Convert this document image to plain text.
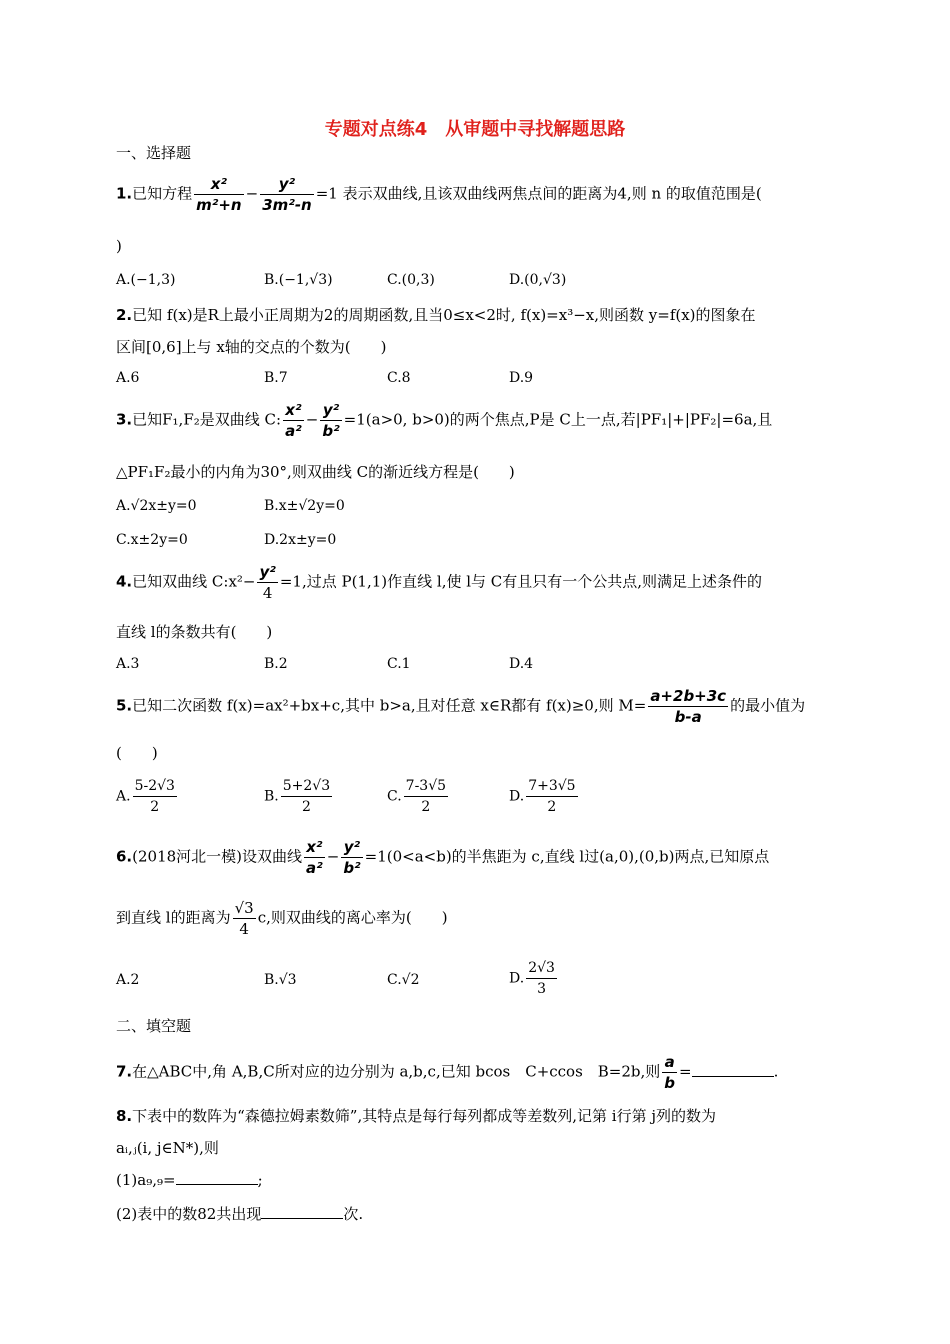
专题对点练4　从审题中寻找解题思路
一、选择题
1.已知方程 $\frac{\text{x²}}{\text{m²+n}} - \frac{\text{y²}}{\text{3m²-n}} =1$ 表示双曲线,且该双曲线两焦点间的距离为4,则 n 的取值范围是(
)
A.(−1,3)	B.(−1,√3)	C.(0,3)	D.(0,√3)
2.已知 f(x)是R上最小正周期为2的周期函数,且当0≤x<2时, f(x)=x³−x,则函数 y=f(x)的图象在
区间[0,6]上与 x轴的交点的个数为(　　)
A.6	B.7	C.8	D.9
3.已知F₁,F₂是双曲线 C: $\frac{\text{x²}}{\text{a²}} - \frac{\text{y²}}{\text{b²}} =1(a>0$, b>0)的两个焦点,P是 C上一点,若|PF₁|+|PF₂|=6a,且
△PF₁F₂最小的内角为30°,则双曲线 C的渐近线方程是(　　)
A.√2x±y=0	B.x±√2y=0
C.x±2y=0	D.2x±y=0
4.已知双曲线 C:x²− $\frac{\text{y²}}{4} =1$,过点 P(1,1)作直线 l,使 l与 C有且只有一个公共点,则满足上述条件的
直线 l的条数共有(　　)
A.3	B.2	C.1	D.4
5.已知二次函数 f(x)=ax²+bx+c,其中 b>a,且对任意 x∈R都有 f(x)≥0,则 $M= \frac{a+2b+3c}{b-a}$ 的最小值为
(　　)
A. $\frac{5-2√3}{2}$	B. $\frac{5+2√3}{2}$	C. $\frac{7-3√5}{2}$	D. $\frac{7+3√5}{2}$
6.(2018河北一模)设双曲线 $\frac{\text{x²}}{\text{a²}} - \frac{\text{y²}}{\text{b²}} =1(0<a<b)$的半焦距为 c,直线 l过(a,0),(0,b)两点,已知原点
到直线 l的距离为 $\frac{√3}{4} c$,则双曲线的离心率为(　　)
A.2	B.√3	C.√2	D. $\frac{2√3}{3}$
二、填空题
7.在△ABC中,角 A,B,C所对应的边分别为 a,b,c,已知 bcos　C+ccos　B=2b,则 $\frac{a}{b}$ =	.
8.下表中的数阵为“森德拉姆素数筛”,其特点是每行每列都成等差数列,记第 i行第 j列的数为
aᵢ,ⱼ(i, j∈N*),则
(1)a₉,₉=	;
(2)表中的数82共出现	次.
